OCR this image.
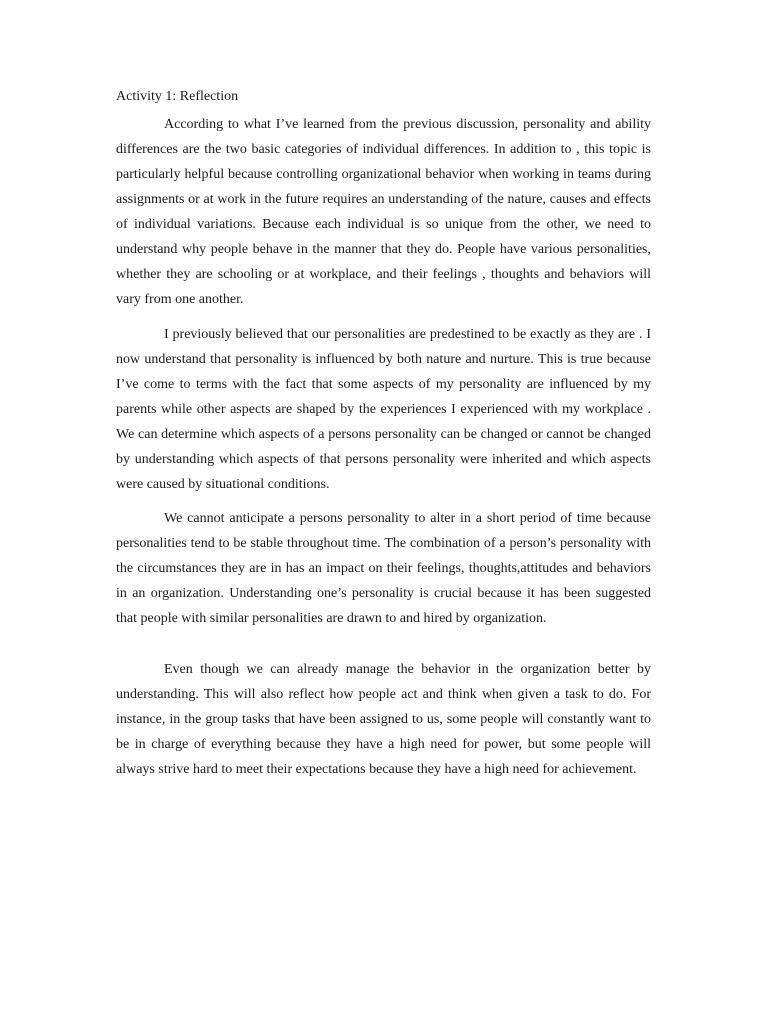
Activity 1: Reflection

According to what I’ve learned from the previous discussion, personality and ability differences are the two basic categories of individual differences. In addition to , this topic is particularly helpful because controlling organizational behavior when working in teams during assignments or at work in the future requires an understanding of the nature, causes and effects of individual variations. Because each individual is so unique from the other, we need to understand why people behave in the manner that they do. People have various personalities, whether they are schooling or at workplace, and their feelings , thoughts and behaviors will vary from one another.

I previously believed that our personalities are predestined to be exactly as they are . I now understand that personality is influenced by both nature and nurture. This is true because I’ve come to terms with the fact that some aspects of my personality are influenced by my parents while other aspects are shaped by the experiences I experienced with my workplace . We can determine which aspects of a persons personality can be changed or cannot be changed by understanding which aspects of that persons personality were inherited and which aspects were caused by situational conditions.

We cannot anticipate a persons personality to alter in a short period of time because personalities tend to be stable throughout time. The combination of a person’s personality with the circumstances they are in has an impact on their feelings, thoughts,attitudes and behaviors in an organization. Understanding one’s personality is crucial because it has been suggested that people with similar personalities are drawn to and hired by organization.

Even though we can already manage the behavior in the organization better by understanding. This will also reflect how people act and think when given a task to do. For instance, in the group tasks that have been assigned to us, some people will constantly want to be in charge of everything because they have a high need for power, but some people will always strive hard to meet their expectations because they have a high need for achievement.
